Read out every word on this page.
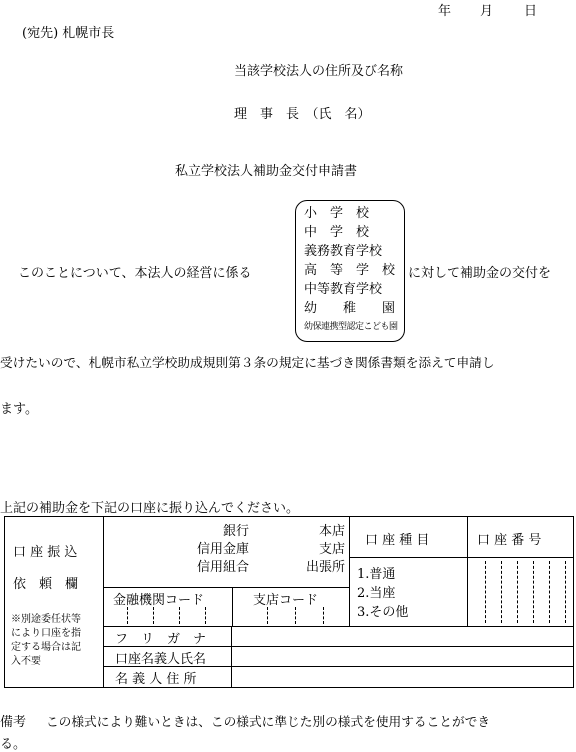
年 月 日
(宛先) 札幌市長
当該学校法人の住所及び名称
理　事　長　（氏　名）
私立学校法人補助金交付申請書
このことについて、本法人の経営に係る
小　学　校
中　学　校
義務教育学校
高　等　学　校
中等教育学校
幼　　稚　　園
幼保連携型認定こども園
に対して補助金の交付を
受けたいので、札幌市私立学校助成規則第３条の規定に基づき関係書類を添えて申請し
ます。
上記の補助金を下記の口座に振り込んでください。
口 座 振 込
依　頼　欄
※別途委任状等
により口座を指
定する場合は記
入不要
銀行
信用金庫
信用組合
本店
支店
出張所
口 座 種 目	口 座 番 号
1.普通
2.当座
3.その他
金融機関コード	支店コード
フ　リ　ガ　ナ
口座名義人氏名
名 義 人 住 所
備考 この様式により難いときは、この様式に準じた別の様式を使用することができ
る。
